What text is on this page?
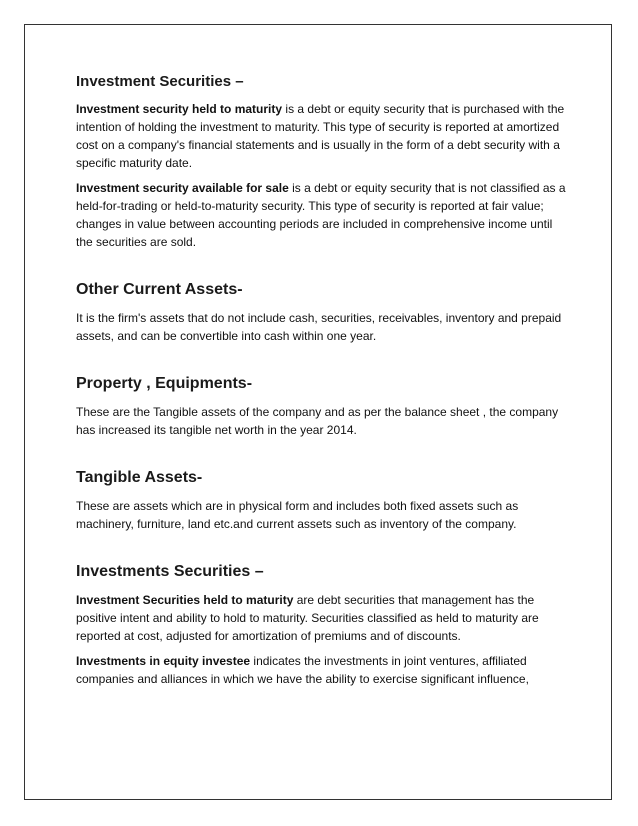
Investment Securities –

Investment security held to maturity is a debt or equity security that is purchased with the intention of holding the investment to maturity. This type of security is reported at amortized cost on a company's financial statements and is usually in the form of a debt security with a specific maturity date.

Investment security available for sale is a debt or equity security that is not classified as a held-for-trading or held-to-maturity security. This type of security is reported at fair value; changes in value between accounting periods are included in comprehensive income until the securities are sold.

Other Current Assets-

It is the firm's assets that do not include cash, securities, receivables, inventory and prepaid assets, and can be convertible into cash within one year.

Property , Equipments-

These are the Tangible assets of the company and as per the balance sheet , the company has increased its tangible net worth in the year 2014.

Tangible Assets-

These are assets which are in physical form and includes both fixed assets such as machinery, furniture, land etc.and current assets such as inventory of the company.

Investments Securities –

Investment Securities held to maturity are debt securities that management has the positive intent and ability to hold to maturity. Securities classified as held to maturity are reported at cost, adjusted for amortization of premiums and of discounts.

Investments in equity investee indicates the investments in joint ventures, affiliated companies and alliances in which we have the ability to exercise significant influence,
